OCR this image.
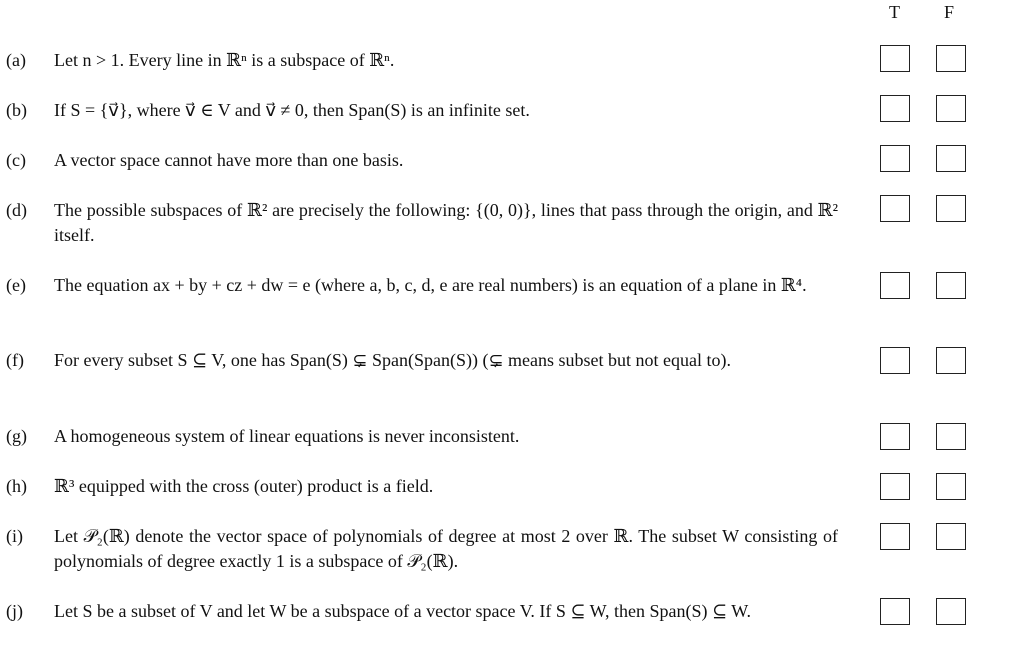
T F
(a) Let n > 1. Every line in ℝⁿ is a subspace of ℝⁿ.
(b) If S = {v⃗}, where v⃗ ∈ V and v⃗ ≠ 0, then Span(S) is an infinite set.
(c) A vector space cannot have more than one basis.
(d) The possible subspaces of ℝ² are precisely the following: {(0, 0)}, lines that pass through the origin, and ℝ² itself.
(e) The equation ax + by + cz + dw = e (where a, b, c, d, e are real numbers) is an equation of a plane in ℝ⁴.
(f) For every subset S ⊆ V, one has Span(S) ⊊ Span(Span(S)) (⊊ means subset but not equal to).
(g) A homogeneous system of linear equations is never inconsistent.
(h) ℝ³ equipped with the cross (outer) product is a field.
(i) Let 𝒫₂(ℝ) denote the vector space of polynomials of degree at most 2 over ℝ. The subset W consisting of polynomials of degree exactly 1 is a subspace of 𝒫₂(ℝ).
(j) Let S be a subset of V and let W be a subspace of a vector space V. If S ⊆ W, then Span(S) ⊆ W.
